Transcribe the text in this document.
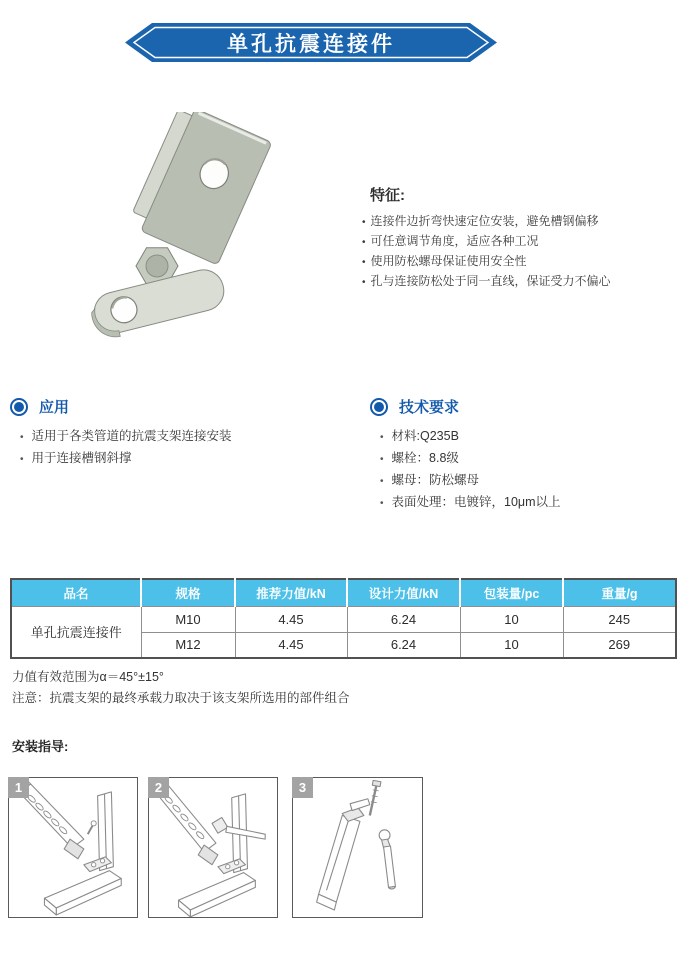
单孔抗震连接件
特征:
• 连接件边折弯快速定位安装，避免槽钢偏移
• 可任意调节角度，适应各种工况
• 使用防松螺母保证使用安全性
• 孔与连接防松处于同一直线，保证受力不偏心
应用
• 适用于各类管道的抗震支架连接安装
• 用于连接槽钢斜撑
技术要求
• 材料:Q235B
• 螺栓：8.8级
• 螺母：防松螺母
• 表面处理：电镀锌，10μm以上
品名	规格	推荐力值/kN	设计力值/kN	包装量/pc	重量/g
单孔抗震连接件	M10	4.45	6.24	10	245
	M12	4.45	6.24	10	269

力值有效范围为α＝45°±15°

注意：抗震支架的最终承载力取决于该支架所选用的部件组合

安装指导:
1	2	3
